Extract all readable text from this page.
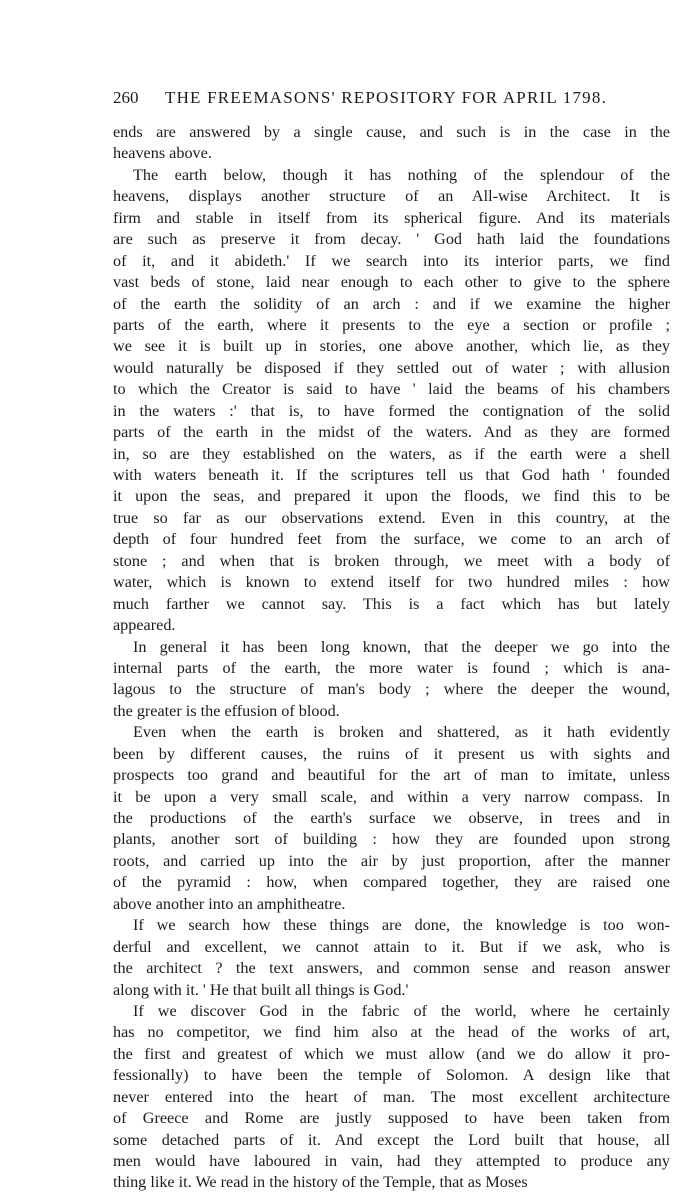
260	THE FREEMASONS' REPOSITORY FOR APRIL 1798.
ends are answered by a single cause, and such is in the case in the
heavens above.
The earth below, though it has nothing of the splendour of the
heavens, displays another structure of an All-wise Architect. It is
firm and stable in itself from its spherical figure. And its materials
are such as preserve it from decay. ' God hath laid the foundations
of it, and it abideth.' If we search into its interior parts, we find
vast beds of stone, laid near enough to each other to give to the sphere
of the earth the solidity of an arch : and if we examine the higher
parts of the earth, where it presents to the eye a section or profile ;
we see it is built up in stories, one above another, which lie, as they
would naturally be disposed if they settled out of water ; with allusion
to which the Creator is said to have ' laid the beams of his chambers
in the waters :' that is, to have formed the contignation of the solid
parts of the earth in the midst of the waters. And as they are formed
in, so are they established on the waters, as if the earth were a shell
with waters beneath it. If the scriptures tell us that God hath ' founded
it upon the seas, and prepared it upon the floods, we find this to be
true so far as our observations extend. Even in this country, at the
depth of four hundred feet from the surface, we come to an arch of
stone ; and when that is broken through, we meet with a body of
water, which is known to extend itself for two hundred miles : how
much farther we cannot say. This is a fact which has but lately
appeared.
In general it has been long known, that the deeper we go into the
internal parts of the earth, the more water is found ; which is ana-
lagous to the structure of man's body ; where the deeper the wound,
the greater is the effusion of blood.
Even when the earth is broken and shattered, as it hath evidently
been by different causes, the ruins of it present us with sights and
prospects too grand and beautiful for the art of man to imitate, unless
it be upon a very small scale, and within a very narrow compass. In
the productions of the earth's surface we observe, in trees and in
plants, another sort of building : how they are founded upon strong
roots, and carried up into the air by just proportion, after the manner
of the pyramid : how, when compared together, they are raised one
above another into an amphitheatre.
If we search how these things are done, the knowledge is too won-
derful and excellent, we cannot attain to it. But if we ask, who is
the architect ? the text answers, and common sense and reason answer
along with it. ' He that built all things is God.'
If we discover God in the fabric of the world, where he certainly
has no competitor, we find him also at the head of the works of art,
the first and greatest of which we must allow (and we do allow it pro-
fessionally) to have been the temple of Solomon. A design like that
never entered into the heart of man. The most excellent architecture
of Greece and Rome are justly supposed to have been taken from
some detached parts of it. And except the Lord built that house, all
men would have laboured in vain, had they attempted to produce any
thing like it. We read in the history of the Temple, that as Moses
